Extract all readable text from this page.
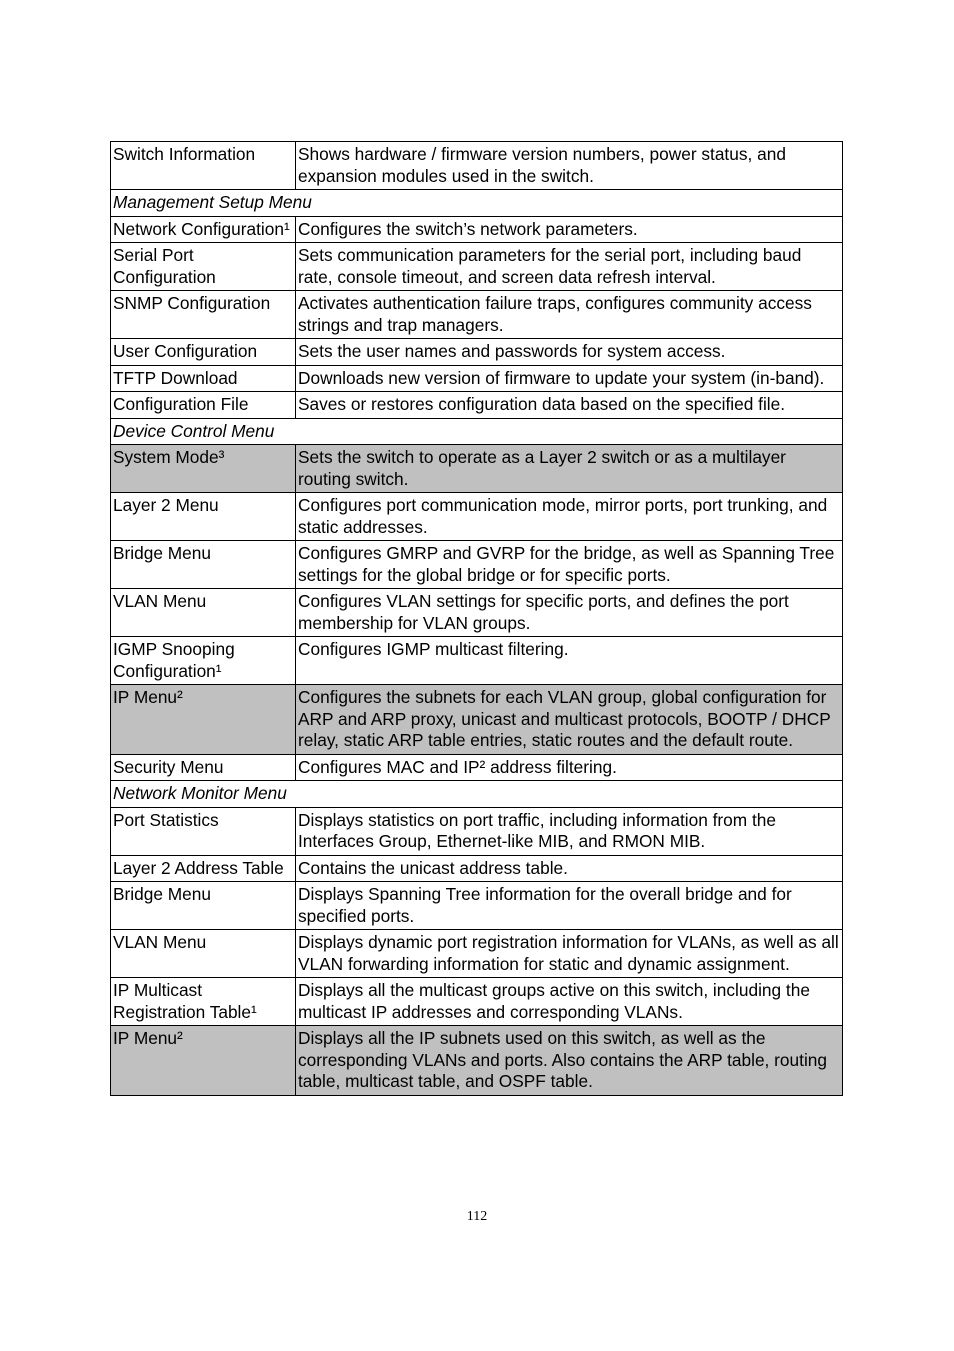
Switch Information	Shows hardware / firmware version numbers, power status, and expansion modules used in the switch.
Management Setup Menu	
Network Configuration¹	Configures the switch’s network parameters.
Serial Port Configuration	Sets communication parameters for the serial port, including baud rate, console timeout, and screen data refresh interval.
SNMP Configuration	Activates authentication failure traps, configures community access strings and trap managers.
User Configuration	Sets the user names and passwords for system access.
TFTP Download	Downloads new version of firmware to update your system (in-band).
Configuration File	Saves or restores configuration data based on the specified file.
Device Control Menu	
System Mode³	Sets the switch to operate as a Layer 2 switch or as a multilayer routing switch.
Layer 2 Menu	Configures port communication mode, mirror ports, port trunking, and static addresses.
Bridge Menu	Configures GMRP and GVRP for the bridge, as well as Spanning Tree settings for the global bridge or for specific ports.
VLAN Menu	Configures VLAN settings for specific ports, and defines the port membership for VLAN groups.
IGMP Snooping Configuration¹	Configures IGMP multicast filtering.
IP Menu²	Configures the subnets for each VLAN group, global configuration for ARP and ARP proxy, unicast and multicast protocols, BOOTP / DHCP relay, static ARP table entries, static routes and the default route.
Security Menu	Configures MAC and IP² address filtering.
Network Monitor Menu	
Port Statistics	Displays statistics on port traffic, including information from the Interfaces Group, Ethernet-like MIB, and RMON MIB.
Layer 2 Address Table	Contains the unicast address table.
Bridge Menu	Displays Spanning Tree information for the overall bridge and for specified ports.
VLAN Menu	Displays dynamic port registration information for VLANs, as well as all VLAN forwarding information for static and dynamic assignment.
IP Multicast Registration Table¹	Displays all the multicast groups active on this switch, including the multicast IP addresses and corresponding VLANs.
IP Menu²	Displays all the IP subnets used on this switch, as well as the corresponding VLANs and ports. Also contains the ARP table, routing table, multicast table, and OSPF table.
112
